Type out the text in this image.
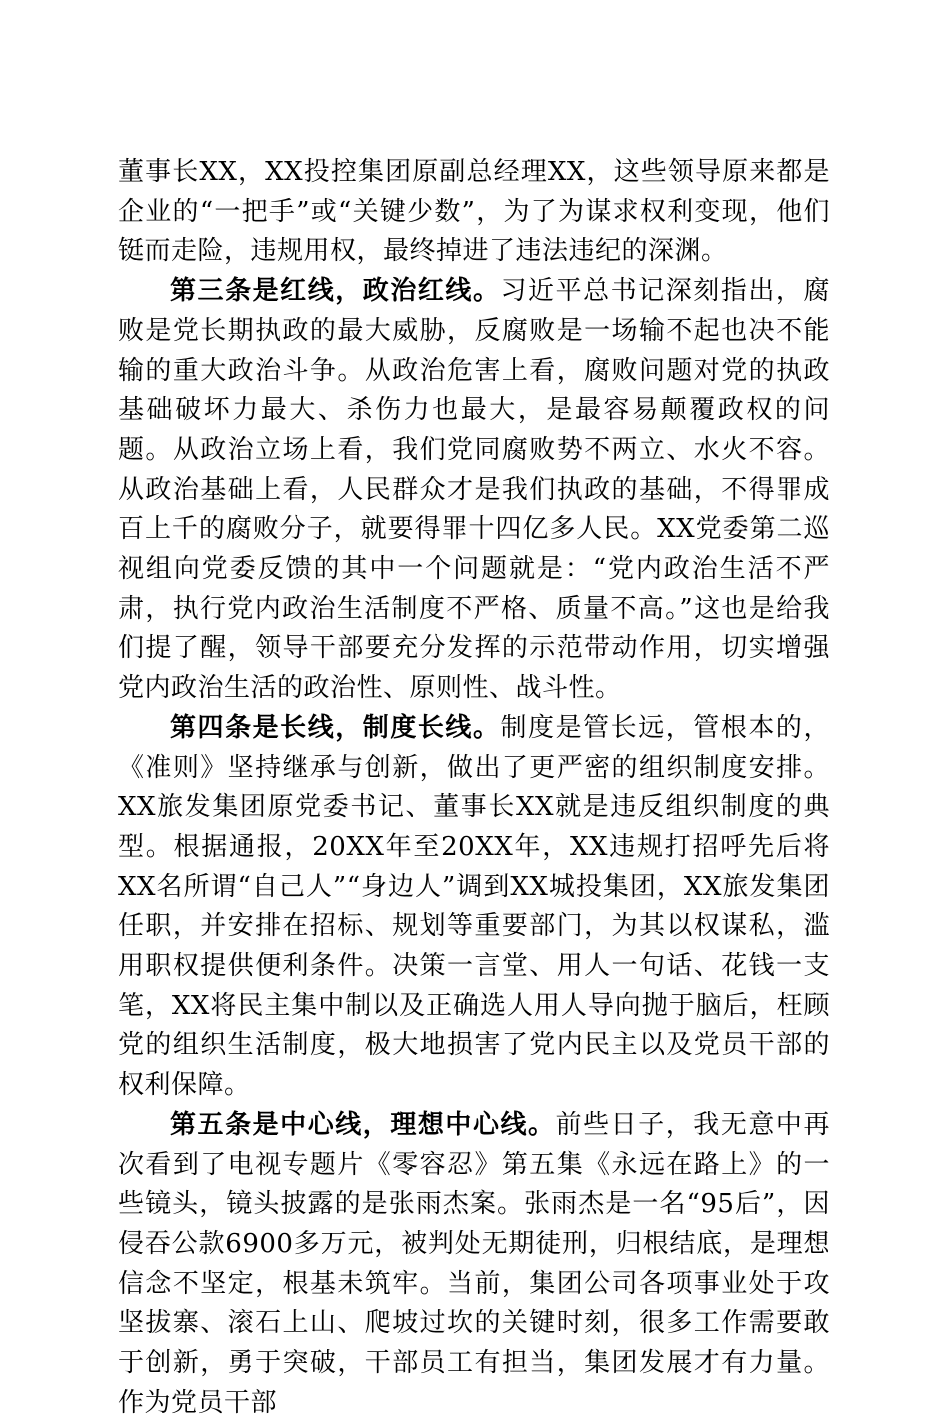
董事长XX，XX投控集团原副总经理XX，这些领导原来都是企业的“一把手”或“关键少数”，为了为谋求权利变现，他们铤而走险，违规用权，最终掉进了违法违纪的深渊。

第三条是红线，政治红线。习近平总书记深刻指出，腐败是党长期执政的最大威胁，反腐败是一场输不起也决不能输的重大政治斗争。从政治危害上看，腐败问题对党的执政基础破坏力最大、杀伤力也最大，是最容易颠覆政权的问题。从政治立场上看，我们党同腐败势不两立、水火不容。从政治基础上看，人民群众才是我们执政的基础，不得罪成百上千的腐败分子，就要得罪十四亿多人民。XX党委第二巡视组向党委反馈的其中一个问题就是：“党内政治生活不严肃，执行党内政治生活制度不严格、质量不高。”这也是给我们提了醒，领导干部要充分发挥的示范带动作用，切实增强党内政治生活的政治性、原则性、战斗性。

第四条是长线，制度长线。制度是管长远，管根本的，《准则》坚持继承与创新，做出了更严密的组织制度安排。XX旅发集团原党委书记、董事长XX就是违反组织制度的典型。根据通报，20XX年至20XX年，XX违规打招呼先后将XX名所谓“自己人”“身边人”调到XX城投集团，XX旅发集团任职，并安排在招标、规划等重要部门，为其以权谋私，滥用职权提供便利条件。决策一言堂、用人一句话、花钱一支笔，XX将民主集中制以及正确选人用人导向抛于脑后，枉顾党的组织生活制度，极大地损害了党内民主以及党员干部的权利保障。

第五条是中心线，理想中心线。前些日子，我无意中再次看到了电视专题片《零容忍》第五集《永远在路上》的一些镜头，镜头披露的是张雨杰案。张雨杰是一名“95后”，因侵吞公款6900多万元，被判处无期徒刑，归根结底，是理想信念不坚定，根基未筑牢。当前，集团公司各项事业处于攻坚拔寨、滚石上山、爬坡过坎的关键时刻，很多工作需要敢于创新，勇于突破，干部员工有担当，集团发展才有力量。作为党员干部
